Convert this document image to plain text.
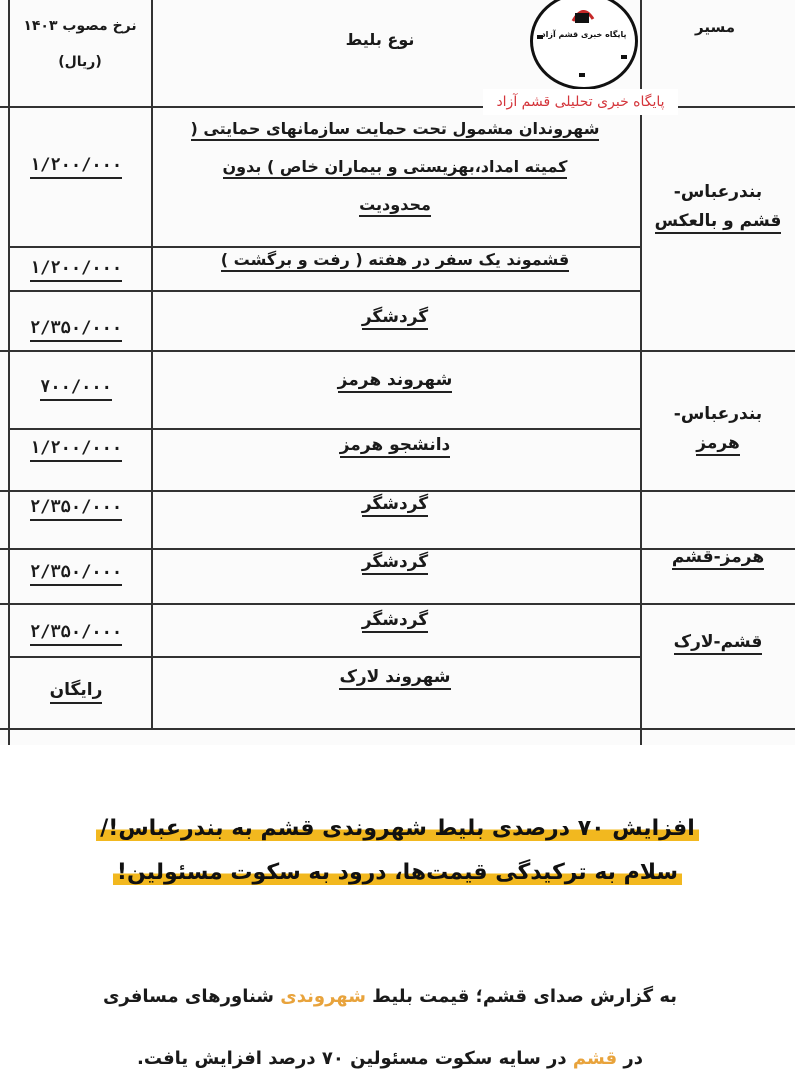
نرخ مصوب ۱۴۰۳
(ریال)
نوع بلیط
مسیر
پایگاه خبری قشم آزاد
پایگاه خبری تحلیلی قشم آزاد
بندرعباس-
قشم و بالعکس
بندرعباس-
هرمز
هرمز-قشم
قشم-لارک
شهروندان مشمول تحت حمایت سازمانهای حمایتی (
کمیته امداد،بهزیستی و بیماران خاص ) بدون
محدودیت
قشموند یک سفر در هفته ( رفت و برگشت )
گردشگر
شهروند هرمز
دانشجو هرمز
گردشگر
گردشگر
گردشگر
شهروند لارک
۱/۲۰۰/۰۰۰
۱/۲۰۰/۰۰۰
۲/۳۵۰/۰۰۰
۷۰۰/۰۰۰
۱/۲۰۰/۰۰۰
۲/۳۵۰/۰۰۰
۲/۳۵۰/۰۰۰
۲/۳۵۰/۰۰۰
رایگان
افزایش ۷۰ درصدی بلیط شهروندی قشم به بندرعباس!/
سلام به ترکیدگی قیمت‌ها، درود به سکوت مسئولین!
به گزارش صدای قشم؛ قیمت بلیط شهروندی شناورهای مسافری
در قشم در سایه سکوت مسئولین ۷۰ درصد افزایش یافت.
